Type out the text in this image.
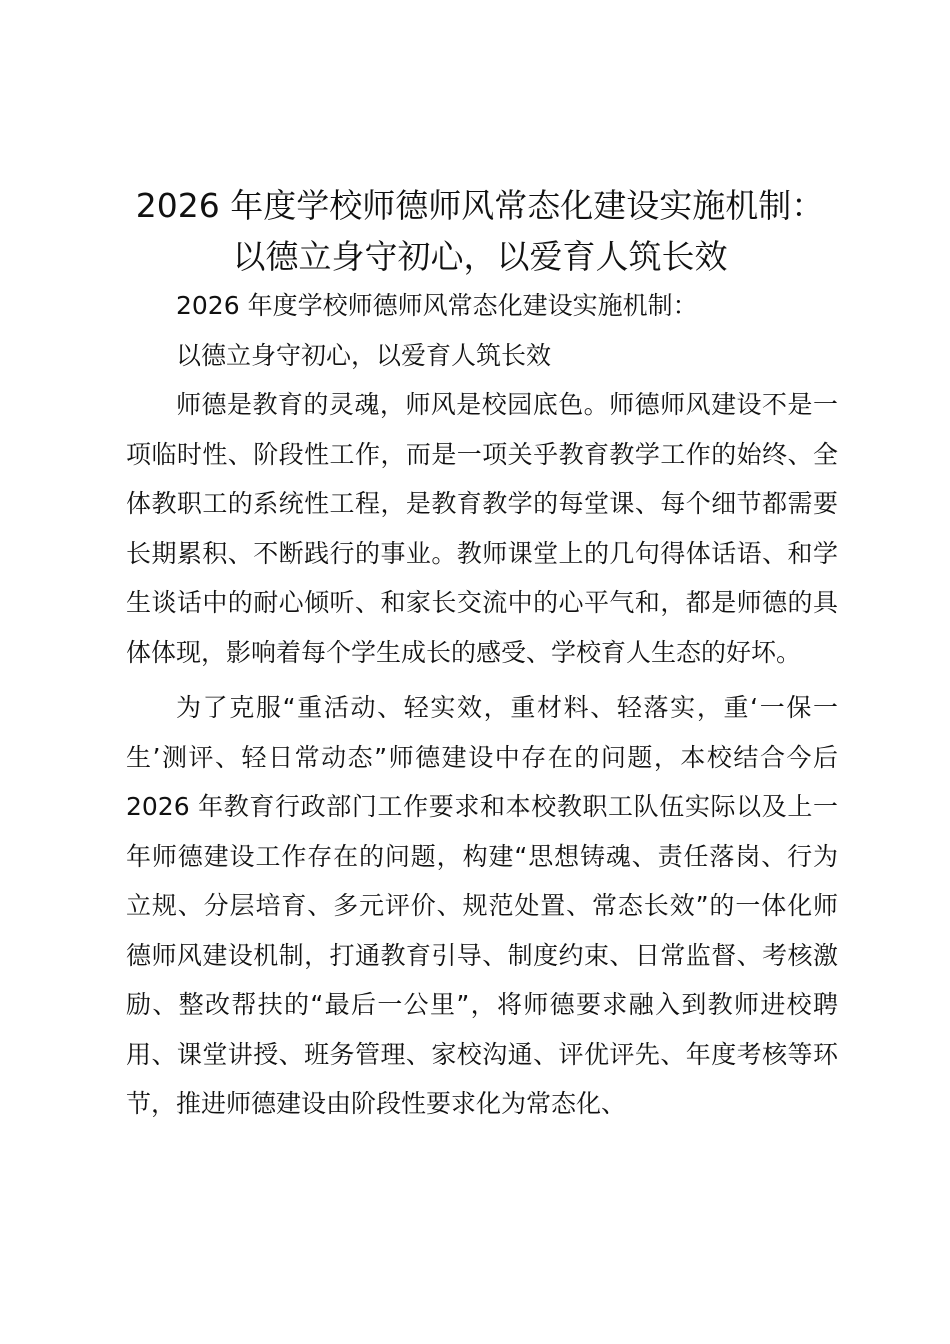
2026 年度学校师德师风常态化建设实施机制：
以德立身守初心，以爱育人筑长效

2026 年度学校师德师风常态化建设实施机制：

以德立身守初心，以爱育人筑长效

师德是教育的灵魂，师风是校园底色。师德师风建设不是一项临时性、阶段性工作，而是一项关乎教育教学工作的始终、全体教职工的系统性工程，是教育教学的每堂课、每个细节都需要长期累积、不断践行的事业。教师课堂上的几句得体话语、和学生谈话中的耐心倾听、和家长交流中的心平气和，都是师德的具体体现，影响着每个学生成长的感受、学校育人生态的好坏。

为了克服“重活动、轻实效，重材料、轻落实，重‘一保一生’测评、轻日常动态”师德建设中存在的问题，本校结合今后 2026 年教育行政部门工作要求和本校教职工队伍实际以及上一年师德建设工作存在的问题，构建“思想铸魂、责任落岗、行为立规、分层培育、多元评价、规范处置、常态长效”的一体化师德师风建设机制，打通教育引导、制度约束、日常监督、考核激励、整改帮扶的“最后一公里”，将师德要求融入到教师进校聘用、课堂讲授、班务管理、家校沟通、评优评先、年度考核等环节，推进师德建设由阶段性要求化为常态化、
